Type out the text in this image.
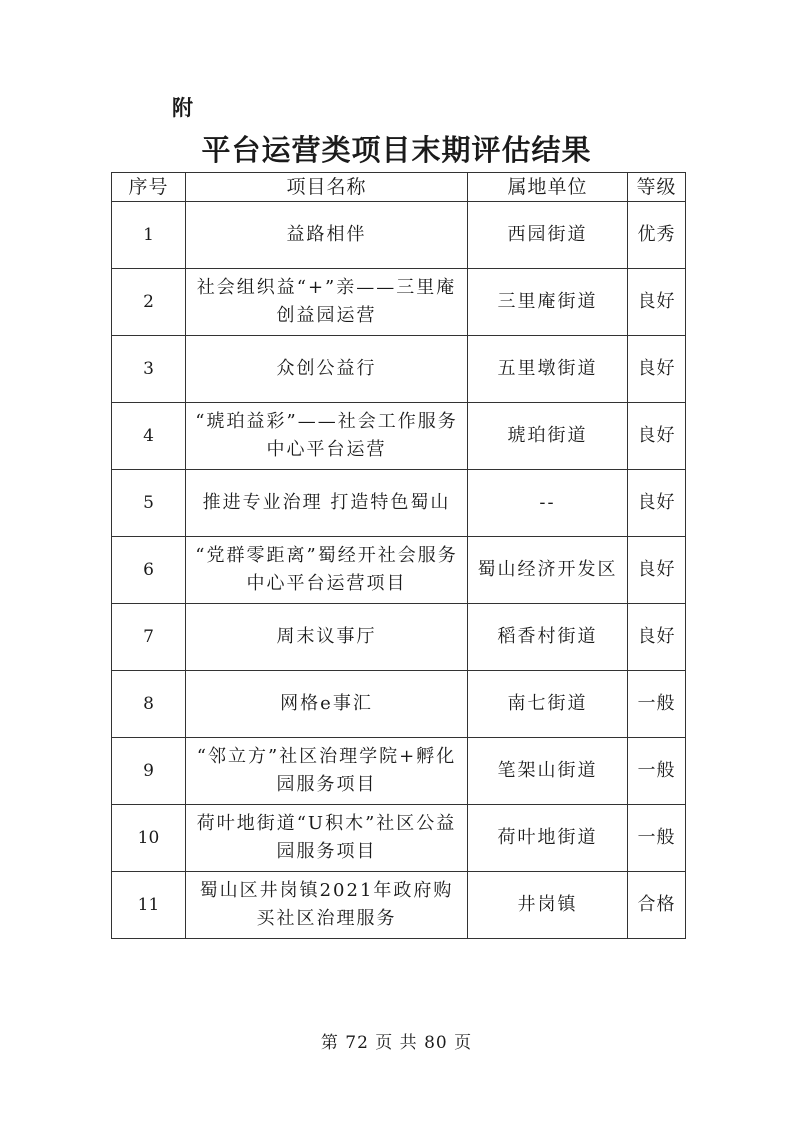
附
平台运营类项目末期评估结果
序号	项目名称	属地单位	等级
1	益路相伴	西园街道	优秀
2	社会组织益“+”亲——三里庵创益园运营	三里庵街道	良好
3	众创公益行	五里墩街道	良好
4	“琥珀益彩”——社会工作服务中心平台运营	琥珀街道	良好
5	推进专业治理 打造特色蜀山	--	良好
6	“党群零距离”蜀经开社会服务中心平台运营项目	蜀山经济开发区	良好
7	周末议事厅	稻香村街道	良好
8	网格e事汇	南七街道	一般
9	“邻立方”社区治理学院+孵化园服务项目	笔架山街道	一般
10	荷叶地街道“U积木”社区公益园服务项目	荷叶地街道	一般
11	蜀山区井岗镇2021年政府购买社区治理服务	井岗镇	合格
第 72 页 共 80 页
